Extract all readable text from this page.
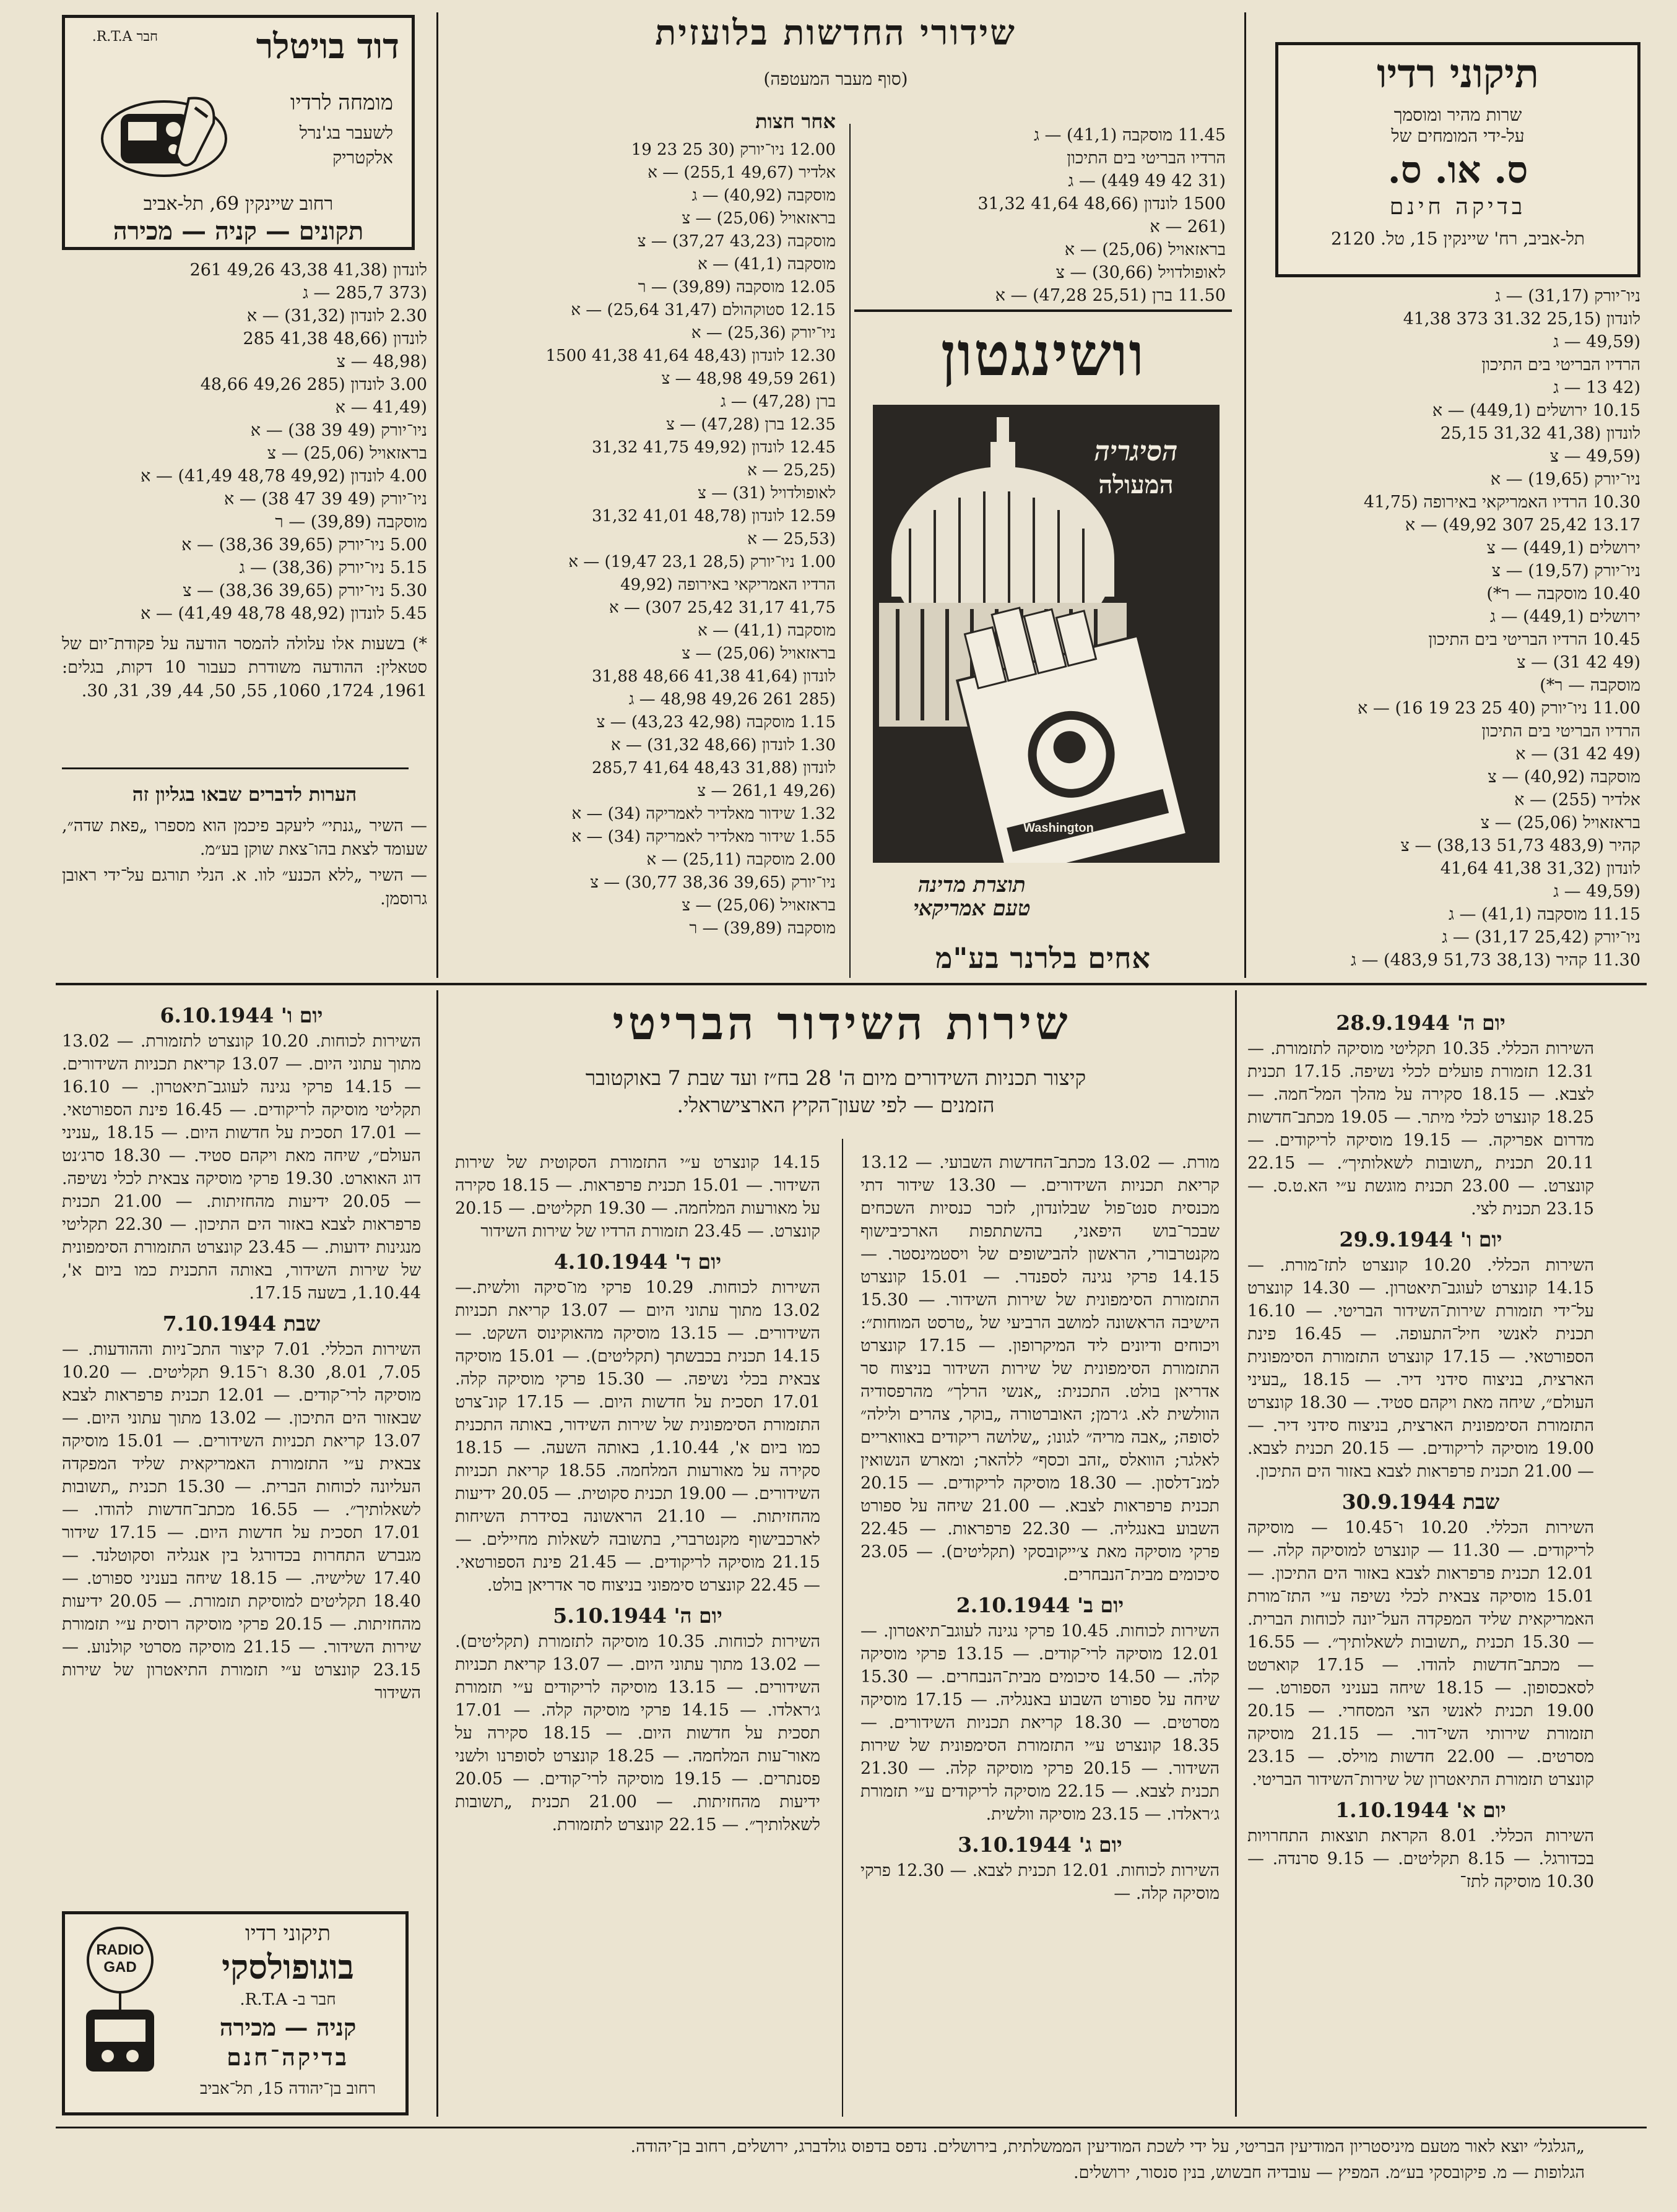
שידורי החדשות בלועזית
(סוף מעבר המעטפה)
אחר חצות
דוד בויטלר
חבר R.T.A.
מומחה לרדיו
לשעבר בג'נרל
אלקטריק
רחוב שיינקין 69, תל-אביב
תקונים — קניה — מכירה
תיקוני רדיו
שרות מהיר ומוסמך
על-ידי המומחים של
ס. או. ס.
בדיקה חינם
תל-אביב, רח' שיינקין 15, טל. 2120
ניו־יורק (31,17) — ג
לונדון (25,15 31.32 373 41,38
(49,59 — ג
הרדיו הבריטי בים התיכון
(42 13 — ג
10.15 ירושלים (449,1) — א
לונדון (41,38 31,32 25,15
(49,59 — צ
ניו־יורק (19,65) — א
10.30 הרדיו האמריקאי באירופה (41,75
13.17 25,42 307 49,92) — א
ירושלים (449,1) — צ
ניו־יורק (19,57) — צ
10.40 מוסקבה — ר*)
ירושלים (449,1) — ג
10.45 הרדיו הבריטי בים התיכון
(49 42 31) — צ
מוסקבה — ר*)
11.00 ניו־יורק (40 25 23 19 16) — א
הרדיו הבריטי בים התיכון
(49 42 31) — א
מוסקבה (40,92) — צ
אלדיר (255) — א
בראזאויל (25,06) — צ
קהיר (483,9 51,73 38,13) — צ
לונדון (31,32 41,38 41,64
(49,59 — ג
11.15 מוסקבה (41,1) — ג
ניו־יורק (25,42 31,17) — ג
11.30 קהיר (38,13 51,73 483,9) — ג
11.45 מוסקבה (41,1) — ג
הרדיו הבריטי בים התיכון
(31 42 49 449) — ג
1500 לונדון (48,66 41,64 31,32
(261 — א
בראזאויל (25,06) — א
לאופולדויל (30,66) — צ
11.50 ברן (25,51 47,28) — א
12.00 ניו־יורק (30 25 23 19
אלדיר (49,67 255,1) — א
מוסקבה (40,92) — ג
בראזאויל (25,06) — צ
מוסקבה (43,23 37,27) — צ
מוסקבה (41,1) — א
12.05 מוסקבה (39,89) — ר
12.15 סטוקהולם (31,47 25,64) — א
ניו־יורק (25,36) — א
12.30 לונדון (48,43 41,64 41,38 1500
(261 49,59 48,98 — צ
ברן (47,28) — ג
12.35 ברן (47,28) — צ
12.45 לונדון (49,92 41,75 31,32
(25,25 — א
לאופולדויל (31) — צ
12.59 לונדון (48,78 41,01 31,32
(25,53 — א
1.00 ניו־יורק (28,5 23,1 19,47) — א
הרדיו האמריקאי באירופה (49,92
41,75 31,17 25,42 307) — א
מוסקבה (41,1) — א
בראזאויל (25,06) — צ
לונדון (41,64 41,38 48,66 31,88
(285 261 49,26 48,98 — ג
1.15 מוסקבה (42,98 43,23) — צ
1.30 לונדון (48,66 31,32) — א
לונדון (31,88 48,43 41,64 285,7
(49,26 261,1 — צ
1.32 שידור מאלדיר לאמריקה (34) — א
1.55 שידור מאלדיר לאמריקה (34) — א
2.00 מוסקבה (25,11) — א
ניו־יורק (39,65 38,36 30,77) — צ
בראזאויל (25,06) — צ
מוסקבה (39,89) — ר
לונדון (41,38 43,38 49,26 261
(373 285,7 — ג
2.30 לונדון (31,32) — א
לונדון (48,66 41,38 285
(48,98 — צ
3.00 לונדון (285 49,26 48,66
(41,49 — א
ניו־יורק (49 39 38) — א
בראזאויל (25,06) — צ
4.00 לונדון (49,92 48,78 41,49) — א
ניו־יורק (49 39 47 38) — א
מוסקבה (39,89) — ר
5.00 ניו־יורק (39,65 38,36) — א
5.15 ניו־יורק (38,36) — ג
5.30 ניו־יורק (39,65 38,36) — צ
5.45 לונדון (48,92 48,78 41,49) — א
*) בשעות אלו עלולה להמסר הודעה על פקודת־יום של סטאלין: ההודעה משודרת כעבור 10 דקות, בגלים: 1961, 1724, 1060, 55, 50, 44, 39, 31, 30.
הערות לדברים שבאו בגליון זה

— השיר „גנתי״ ליעקב פיכמן הוא מספרו „פאת שדה״, שעומד לצאת בהו־צאת שוקן בע״מ.

— השיר „ללא הכנע״ לוו. א. הנלי תורגם על־ידי ראובן גרוסמן.

וושינגטון
הסיגריה
המעולה
Washington
תוצרת מדינה
טעם אמריקאי
אחים בלרנר בע"מ
שירות השידור הבריטי
קיצור תכניות השידורים מיום ה' 28 בח״ז ועד שבת 7 באוקטובר
הזמנים — לפי שעון־הקיץ הארצישראלי.
יום ה' 28.9.1944
השירות הכללי. 10.35 תקליטי מוסיקה לתזמורת. — 12.31 תזמורת פועלים לכלי נשיפה. 17.15 תכנית לצבא. — 18.15 סקירה על מהלך המל־חמה. — 18.25 קונצרט לכלי מיתר. — 19.05 מכתב־חדשות מדרום אפריקה. — 19.15 מוסיקה לריקודים. — 20.11 תכנית „תשובות לשאלותיך״. — 22.15 קונצרט. — 23.00 תכנית מוגשת ע״י הא.ט.ס. — 23.15 תכנית לצי.
יום ו' 29.9.1944
השירות הכללי. 10.20 קונצרט לתז־מורת. — 14.15 קונצרט לעוגב־תיאטרון. — 14.30 קונצרט על־ידי תזמורת שירות־השידור הבריטי. — 16.10 תכנית לאנשי חיל־התעופה. — 16.45 פינת הספורטאי. — 17.15 קונצרט התזמורת הסימפונית הארצית, בניצוח סידני דיר. — 18.15 „בעיני העולם״, שיחה מאת ויקהם סטיד. — 18.30 קונצרט התזמורת הסימפונית הארצית, בניצוח סידני דיר. — 19.00 מוסיקה לריקודים. — 20.15 תכנית לצבא. — 21.00 תכנית פרפראות לצבא באזור הים התיכון.
שבת 30.9.1944
השירות הכללי. 10.20 ו־10.45 — מוסיקה לריקודים. — 11.30 — קונצרט למוסיקה קלה. — 12.01 תכנית פרפראות לצבא באזור הים התיכון. — 15.01 מוסיקה צבאית לכלי נשיפה ע״י התז־מורת האמריקאית שליד המפקדה העל־יונה לכוחות הברית. — 15.30 תכנית „תשובות לשאלותיך״. — 16.55 — מכתב־חדשות להודו. — 17.15 קוארטט לסאכסופון. — 18.15 שיחה בעניני הספורט. — 19.00 תכנית לאנשי הצי המסחרי. — 20.15 תזמורת שירותי השי־דור. — 21.15 מוסיקה מסרטים. — 22.00 חדשות מוילס. — 23.15 קונצרט תזמורת התיאטרון של שירות־השידור הבריטי.
יום א' 1.10.1944
השירות הכללי. 8.01 הקראת תוצאות התחרויות בכדורגל. — 8.15 תקליטים. — 9.15 סרנדה. — 10.30 מוסיקה לתז־
מורת. — 13.02 מכתב־החדשות השבועי. — 13.12 קריאת תכניות השידורים. — 13.30 שידור דתי מכנסית סנט־פול שבלונדון, לזכר כנסיות השכחים שבכר־בוש היפאני, בהשתתפות הארכיבישוף מקנטרבורי, הראשון להבישופים של ויסטמינסטר. — 14.15 פרקי נגינה לספנדר. — 15.01 קונצרט התזמורת הסימפונית של שירות השידור. — 15.30 הישיבה הראשונה למושב הרביעי של „טרסט המוחות״: ויכוחים ודיונים ליד המיקרופון. — 17.15 קונצרט התזמורת הסימפונית של שירות השידור בניצוח סר אדריאן בולט. התכנית: „אנשי הרלך״ מהרפסודיה הוולשית לא. ג׳רמן; האוברטורה „בוקר, צהרים ולילה״ לסופה; „אבה מריה״ לגונו; „שלושה ריקודים באוואריים לאלגר; הוואלס „זהב וכסף״ ללהאר; ומארש הנשואין למנ־דלסון. — 18.30 מוסיקה לריקודים. — 20.15 תכנית פרפראות לצבא. — 21.00 שיחה על ספורט השבוע באנגליה. — 22.30 פרפראות. — 22.45 פרקי מוסיקה מאת צ׳ייקובסקי (תקליטים). — 23.05 סיכומים מבית־הנבחרים.
יום ב' 2.10.1944
השירות לכוחות. 10.45 פרקי נגינה לעוגב־תיאטרון. — 12.01 מוסיקה לרי־קודים. — 13.15 פרקי מוסיקה קלה. — 14.50 סיכומים מבית־הנבחרים. — 15.30 שיחה על ספורט השבוע באנגליה. — 17.15 מוסיקה מסרטים. — 18.30 קריאת תכניות השידורים. — 18.35 קונצרט ע״י התזמורת הסימפונית של שירות השידור. — 20.15 פרקי מוסיקה קלה. — 21.30 תכנית לצבא. — 22.15 מוסיקה לריקודים ע״י תזמורת ג׳ראלדו. — 23.15 מוסיקה וולשית.
יום ג' 3.10.1944
השירות לכוחות. 12.01 תכנית לצבא. — 12.30 פרקי מוסיקה קלה. —
14.15 קונצרט ע״י התזמורת הסקוטית של שירות השידור. — 15.01 תכנית פרפראות. — 18.15 סקירה על מאורעות המלחמה. — 19.30 תקליטים. — 20.15 קונצרט. — 23.45 תזמורת הרדיו של שירות השידור
יום ד' 4.10.1944
השירות לכוחות. 10.29 פרקי מו־סיקה וולשית.—13.02 מתוך עתוני היום — 13.07 קריאת תכניות השידורים. — 13.15 מוסיקה מהאוקינוס השקט. — 14.15 תכנית בכבשתך (תקליטים). — 15.01 מוסיקה צבאית בכלי נשיפה. — 15.30 פרקי מוסיקה קלה. 17.01 תסכית על חדשות היום. — 17.15 קונ־צרט התזמורת הסימפונית של שירות השידור, באותה התכנית כמו ביום א', 1.10.44, באותה השעה. — 18.15 סקירה על מאורעות המלחמה. 18.55 קריאת תכניות השידורים. — 19.00 תכנית סקוטית. — 20.05 ידיעות מהחזיתות. — 21.10 הראשונה בסידרת השיחות לארכבישוף מקנטרברי, בתשובה לשאלות מחיילים. — 21.15 מוסיקה לריקודים. — 21.45 פינת הספורטאי. — 22.45 קונצרט סימפוני בניצוח סר אדריאן בולט.
יום ה' 5.10.1944
השירות לכוחות. 10.35 מוסיקה לתזמורת (תקליטים). — 13.02 מתוך עתוני היום. — 13.07 קריאת תכניות השידורים. — 13.15 מוסיקה לריקודים ע״י תזמורת ג׳ראלדו. — 14.15 פרקי מוסיקה קלה. — 17.01 תסכית על חדשות היום. — 18.15 סקירה על מאור־עות המלחמה. — 18.25 קונצרט לסופרנו ולשני פסנתרים. — 19.15 מוסיקה לרי־קודים. — 20.05 ידיעות מהחזיתות. — 21.00 תכנית „תשובות לשאלותיך״. — 22.15 קונצרט לתזמורת.
יום ו' 6.10.1944
השירות לכוחות. 10.20 קונצרט לתזמורת. — 13.02 מתוך עתוני היום. — 13.07 קריאת תכניות השידורים. — 14.15 פרקי נגינה לעוגב־תיאטרון. — 16.10 תקליטי מוסיקה לריקודים. — 16.45 פינת הספורטאי. — 17.01 תסכית על חדשות היום. — 18.15 „עניני העולם״, שיחה מאת ויקהם סטיד. — 18.30 סרג׳נט דוג האוארט. 19.30 פרקי מוסיקה צבאית לכלי נשיפה. — 20.05 ידיעות מהחזיתות. — 21.00 תכנית פרפראות לצבא באזור הים התיכון. — 22.30 תקליטי מנגינות ידועות. — 23.45 קונצרט התזמורת הסימפונית של שירות השידור, באותה התכנית כמו ביום א', 1.10.44, בשעה 17.15.
שבת 7.10.1944
השירות הכללי. 7.01 קיצור התכ־ניות וההודעות. — 7.05, 8.01, 8.30 ו־9.15 תקליטים. — 10.20 מוסיקה לרי־קודים. — 12.01 תכנית פרפראות לצבא שבאזור הים התיכון. — 13.02 מתוך עתוני היום. — 13.07 קריאת תכניות השידורים. — 15.01 מוסיקה צבאית ע״י התזמורת האמריקאית שליד המפקדה העליונה לכוחות הברית. — 15.30 תכנית „תשובות לשאלותיך״. — 16.55 מכתב־חדשות להודו. — 17.01 תסכית על חדשות היום. — 17.15 שידור מגברש התחרות בכדורגל בין אנגליה וסקוטלנד. — 17.40 שלישיה. — 18.15 שיחה בעניני ספורט. — 18.40 תקליטים למוסיקת תזמורת. — 20.05 ידיעות מהחזיתות. — 20.15 פרקי מוסיקה רוסית ע״י תזמורת שירות השידור. — 21.15 מוסיקה מסרטי קולנוע. — 23.15 קונצרט ע״י תזמורת התיאטרון של שירות השידור
RADIO GAD
תיקוני רדיו
בוגופולסקי
חבר ב- R.T.A.
קניה — מכירה
בדיקה־חנם
רחוב בן־יהודה 15, תל־אביב
„הגלגל״ יוצא לאור מטעם מיניסטריון המודיעין הבריטי, על ידי לשכת המודיעין הממשלתית, בירושלים. נדפס בדפוס גולדברג, ירושלים, רחוב בן־יהודה.
הגלופות — מ. פיקובסקי בע״מ. המפיץ — עובדיה חבשוש, בנין סנסור, ירושלים.
